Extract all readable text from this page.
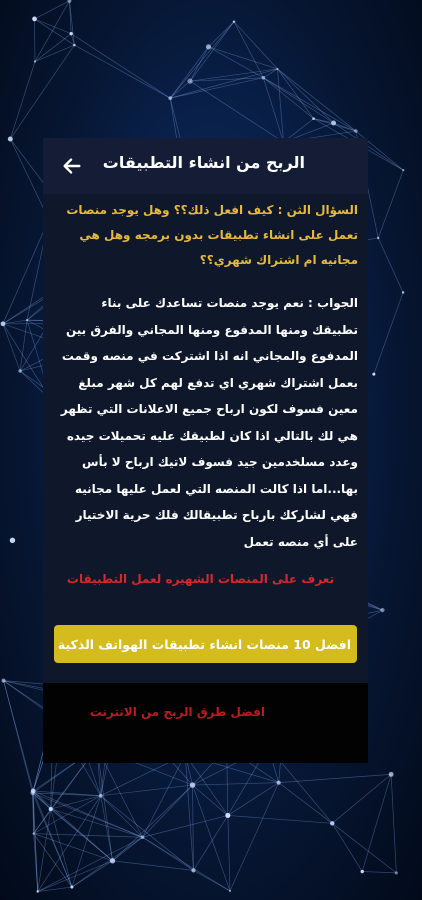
الربح من انشاء التطبيقات

السؤال الثن : كيف افعل ذلك؟؟ وهل يوجد منصات تعمل على انشاء تطبيقات بدون برمجه وهل هي مجانيه ام اشتراك شهري؟؟

الجواب : نعم يوجد منصات تساعدك على بناء تطبيقك ومنها المدفوع ومنها المجاني والفرق بين المدفوع والمجاني انه اذا اشتركت في منصه وقمت بعمل اشتراك شهري اي تدفع لهم كل شهر مبلغ معين فسوف لكون ارباح جميع الاعلانات التي تظهر هي لك بالتالي اذا كان لطبيقك عليه تحميلات جيده وعدد مسلخدمين جيد فسوف لاتيك ارباح لا بأس بها...اما اذا كالت المنصه التي لعمل عليها مجانيه فهي لشاركك بارباح تطبيقالك فلك حرية الاختيار على أي منصه تعمل

تعرف على المنصات الشهيره لعمل التطبيقات

افضل 10 منصات انشاء تطبيقات الهواتف الذكية
افضل طرق الربح من الانترنت
